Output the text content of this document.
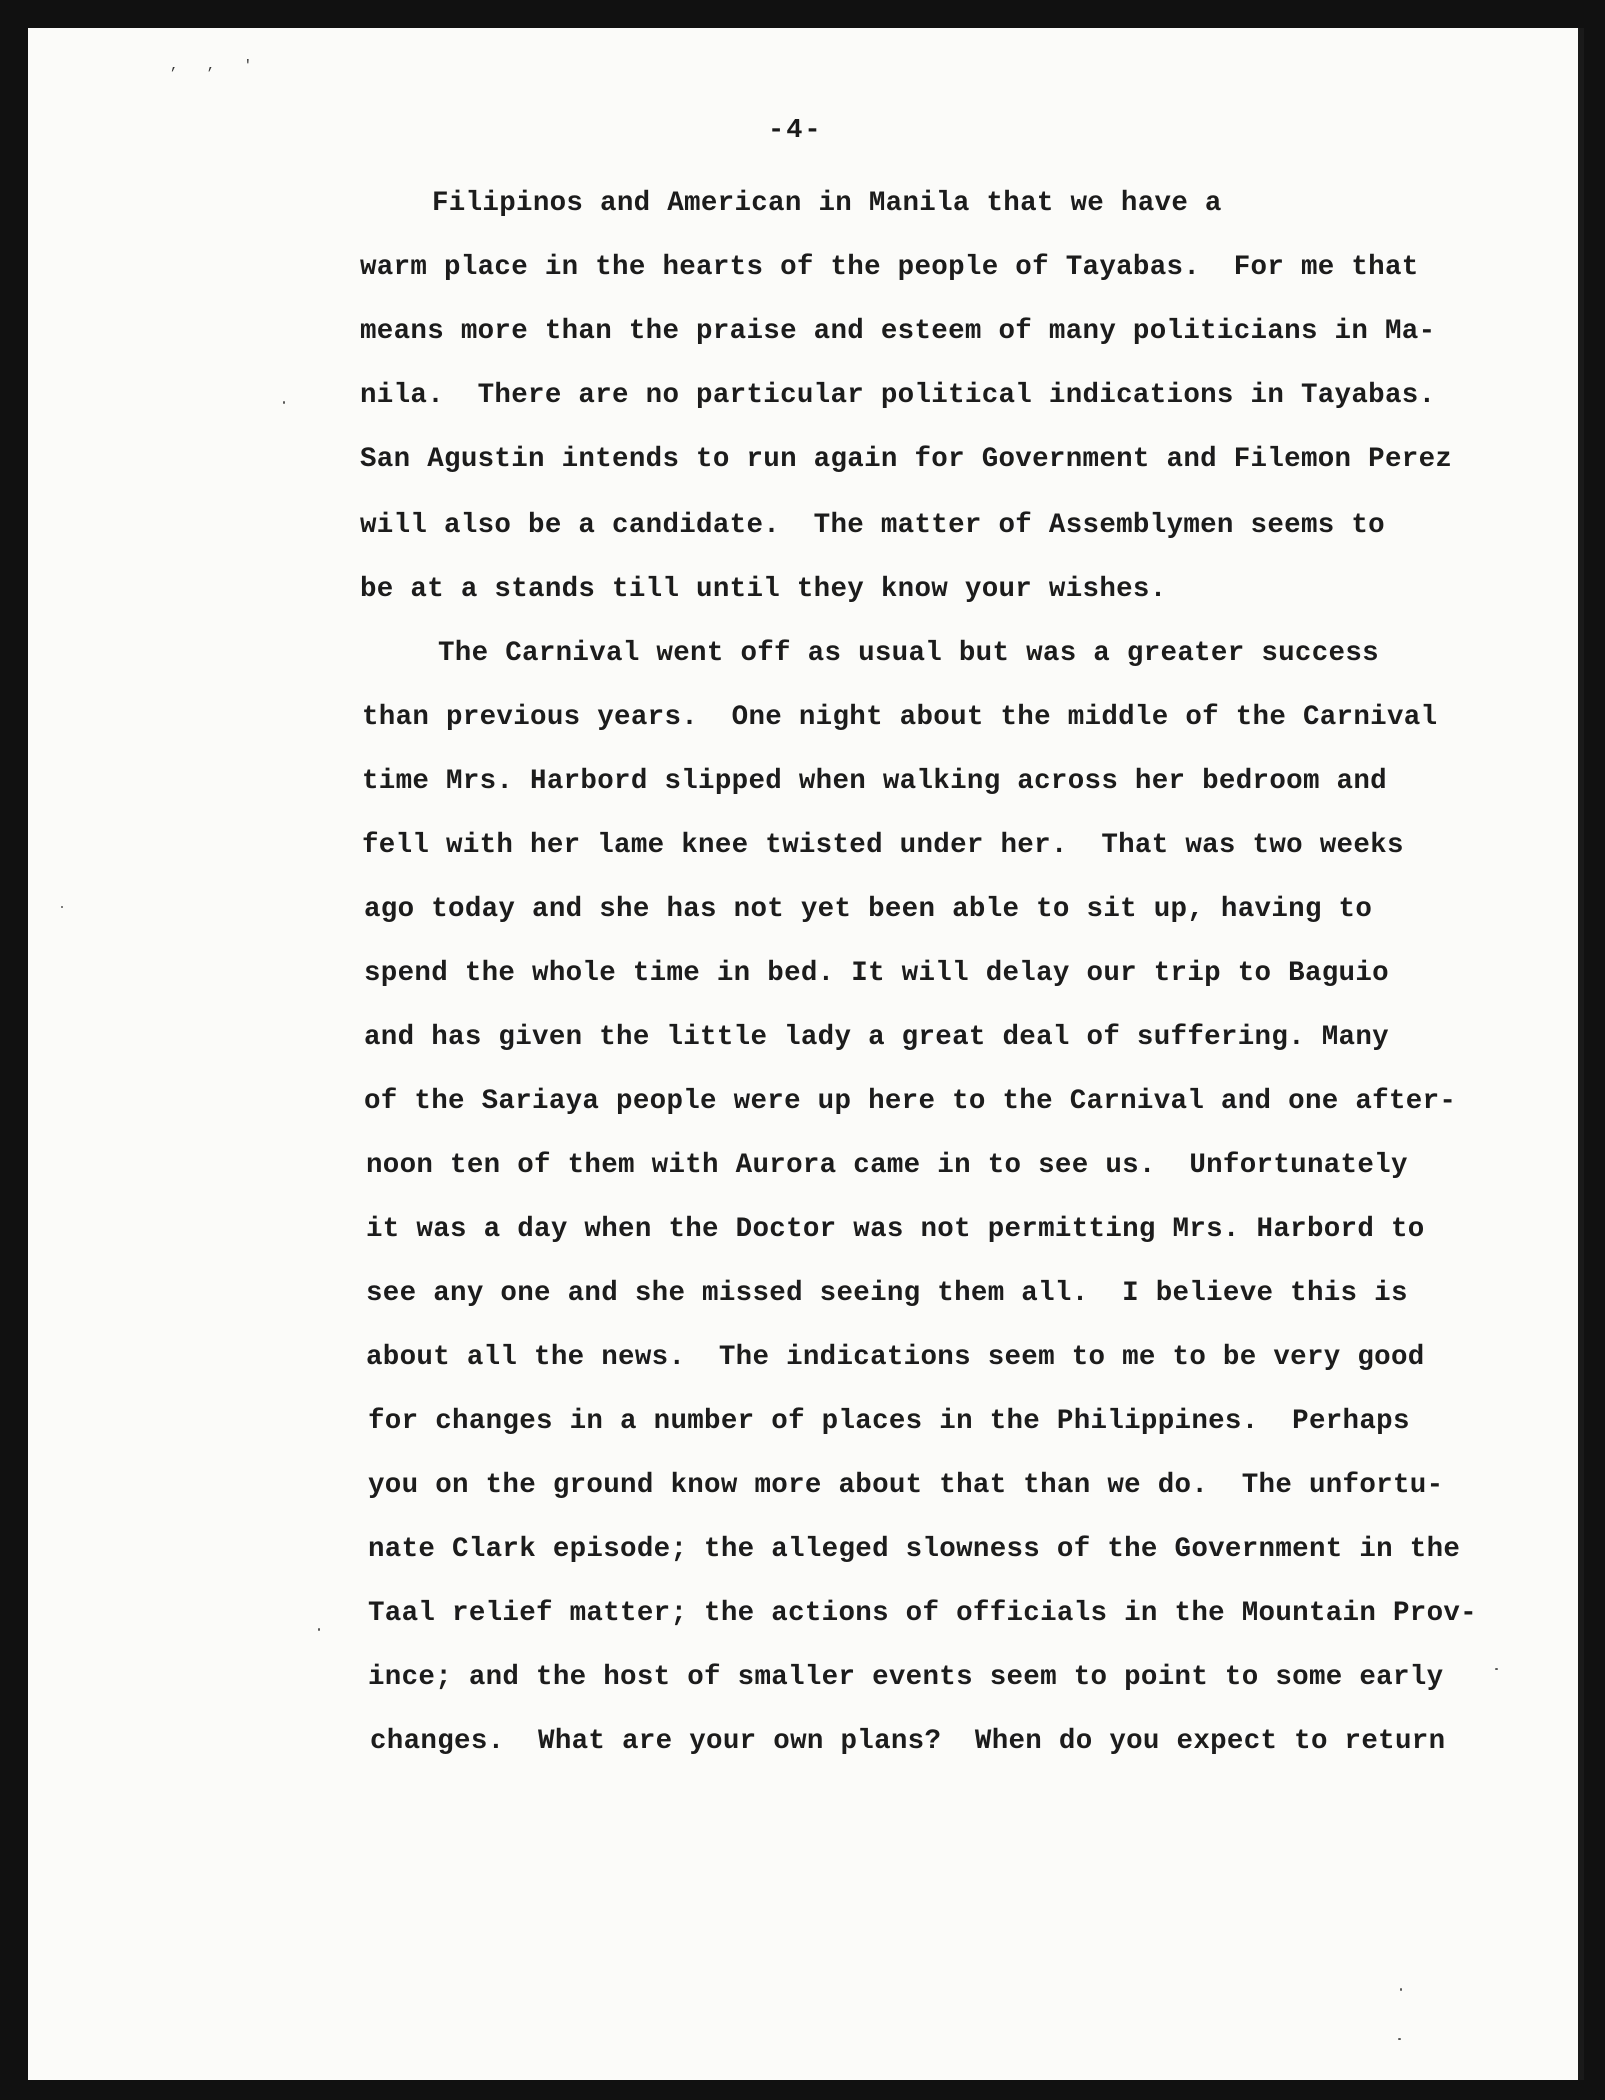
, , '
-4-
Filipinos and American in Manila that we have a
warm place in the hearts of the people of Tayabas.  For me that
means more than the praise and esteem of many politicians in Ma-
nila.  There are no particular political indications in Tayabas.
San Agustin intends to run again for Government and Filemon Perez
will also be a candidate.  The matter of Assemblymen seems to
be at a stands till until they know your wishes.
The Carnival went off as usual but was a greater success
than previous years.  One night about the middle of the Carnival
time Mrs. Harbord slipped when walking across her bedroom and
fell with her lame knee twisted under her.  That was two weeks
ago today and she has not yet been able to sit up, having to
spend the whole time in bed. It will delay our trip to Baguio
and has given the little lady a great deal of suffering. Many
of the Sariaya people were up here to the Carnival and one after-
noon ten of them with Aurora came in to see us.  Unfortunately
it was a day when the Doctor was not permitting Mrs. Harbord to
see any one and she missed seeing them all.  I believe this is
about all the news.  The indications seem to me to be very good
for changes in a number of places in the Philippines.  Perhaps
you on the ground know more about that than we do.  The unfortu-
nate Clark episode; the alleged slowness of the Government in the
Taal relief matter; the actions of officials in the Mountain Prov-
ince; and the host of smaller events seem to point to some early
changes.  What are your own plans?  When do you expect to return
